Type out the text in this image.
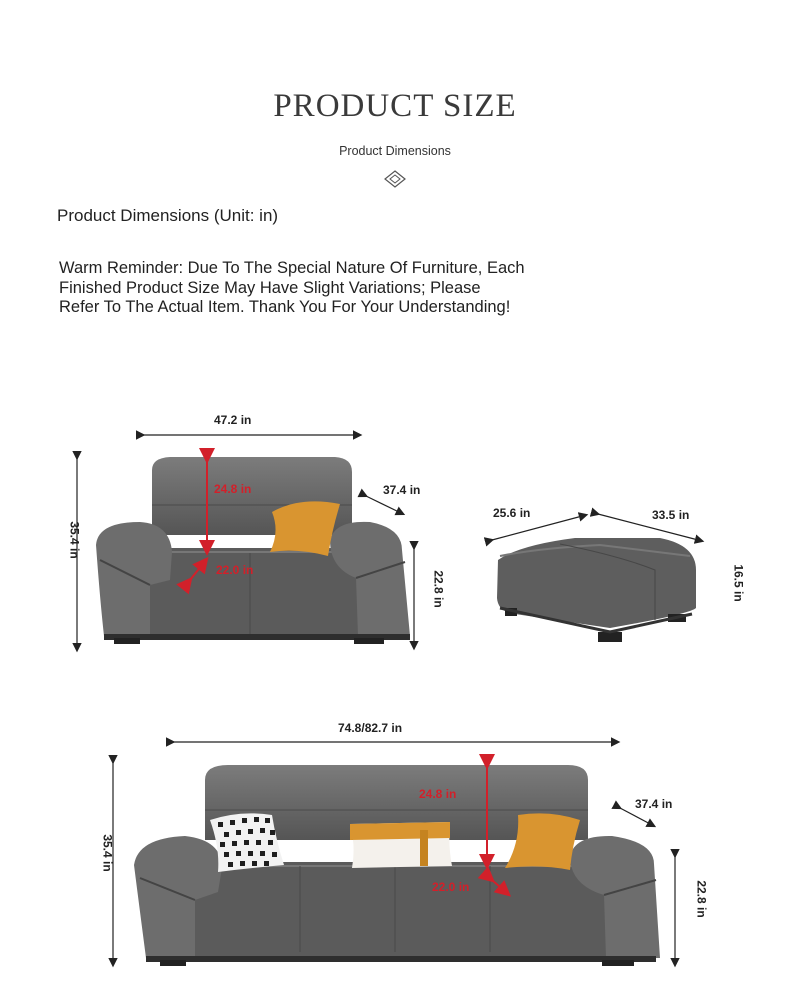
PRODUCT SIZE
Product Dimensions
Product Dimensions (Unit: in)
Warm Reminder: Due To The Special Nature Of Furniture, Each
Finished Product Size May Have Slight Variations; Please
Refer To The Actual Item. Thank You For Your Understanding!
47.2 in
35.4 in
37.4 in
24.8 in
22.0 in
22.8 in
25.6 in	33.5 in
16.5 in
74.8/82.7 in
35.4 in
37.4 in
24.8 in
22.0 in	22.8 in
